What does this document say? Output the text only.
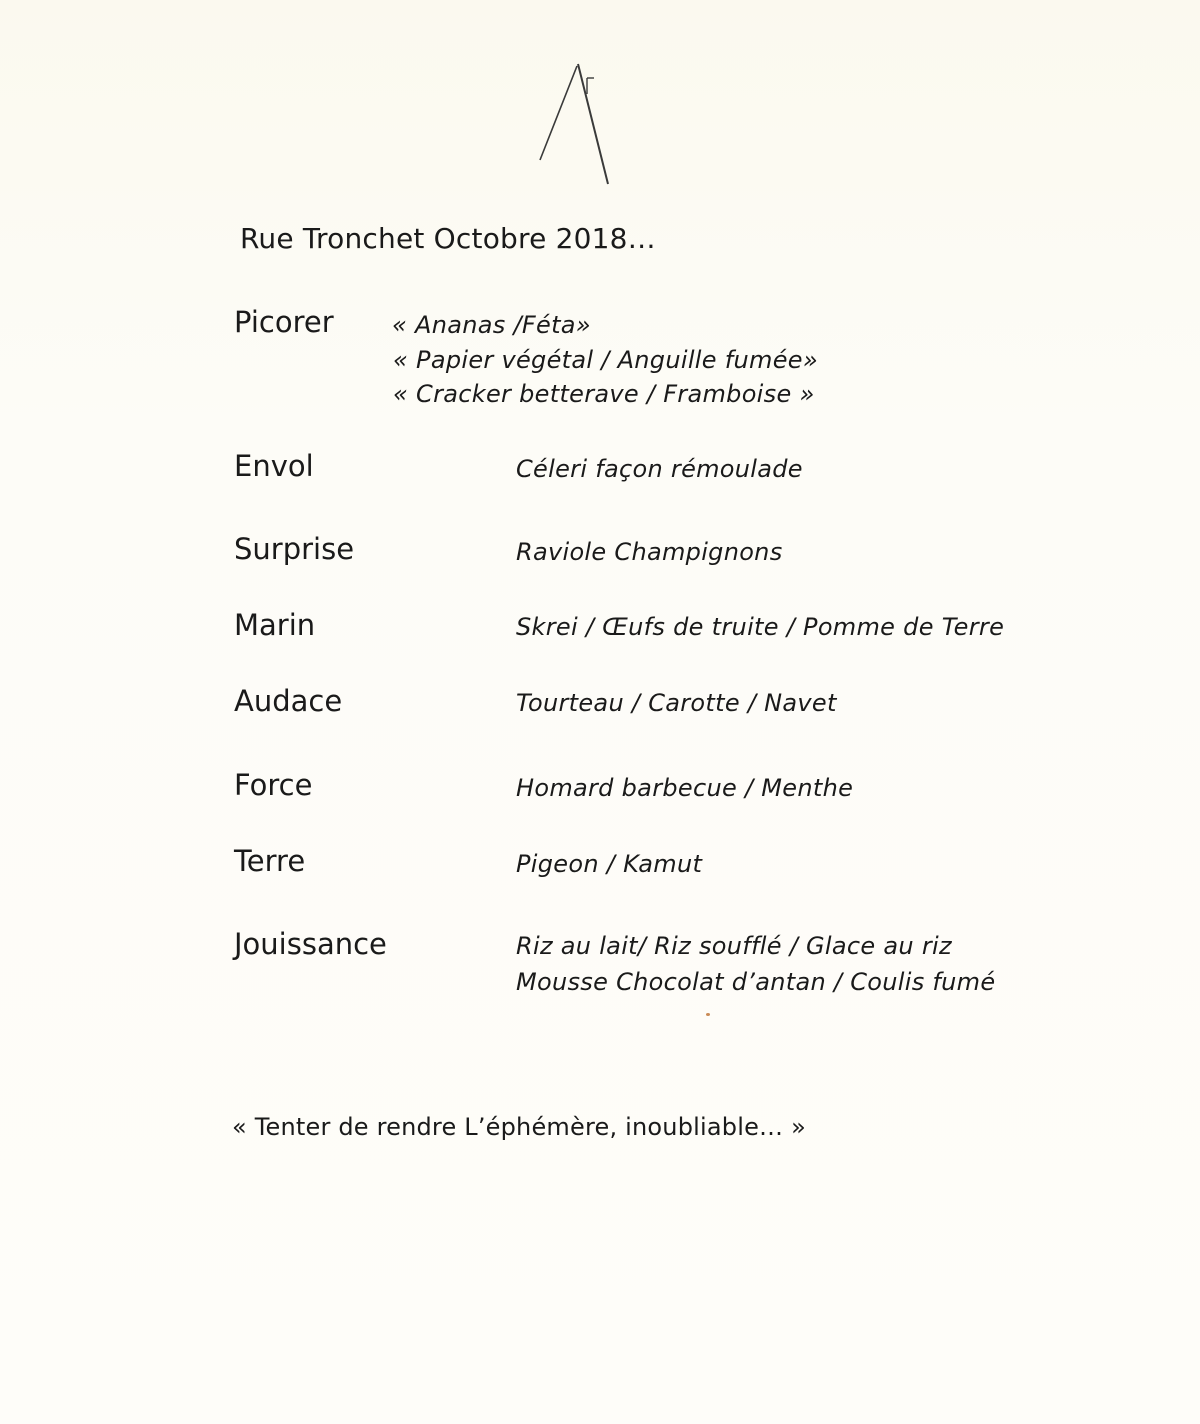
Rue Tronchet Octobre 2018…
Picorer « Ananas /Féta»
« Papier végétal / Anguille fumée»
« Cracker betterave / Framboise »
Envol	Céleri façon rémoulade
Surprise	Raviole Champignons
Marin	Skrei / Œufs de truite / Pomme de Terre
Audace	Tourteau / Carotte / Navet
Force	Homard barbecue / Menthe
Terre	Pigeon / Kamut
Jouissance	Riz au lait/ Riz soufflé / Glace au riz
Mousse Chocolat d’antan / Coulis fumé
« Tenter de rendre L’éphémère, inoubliable… »
